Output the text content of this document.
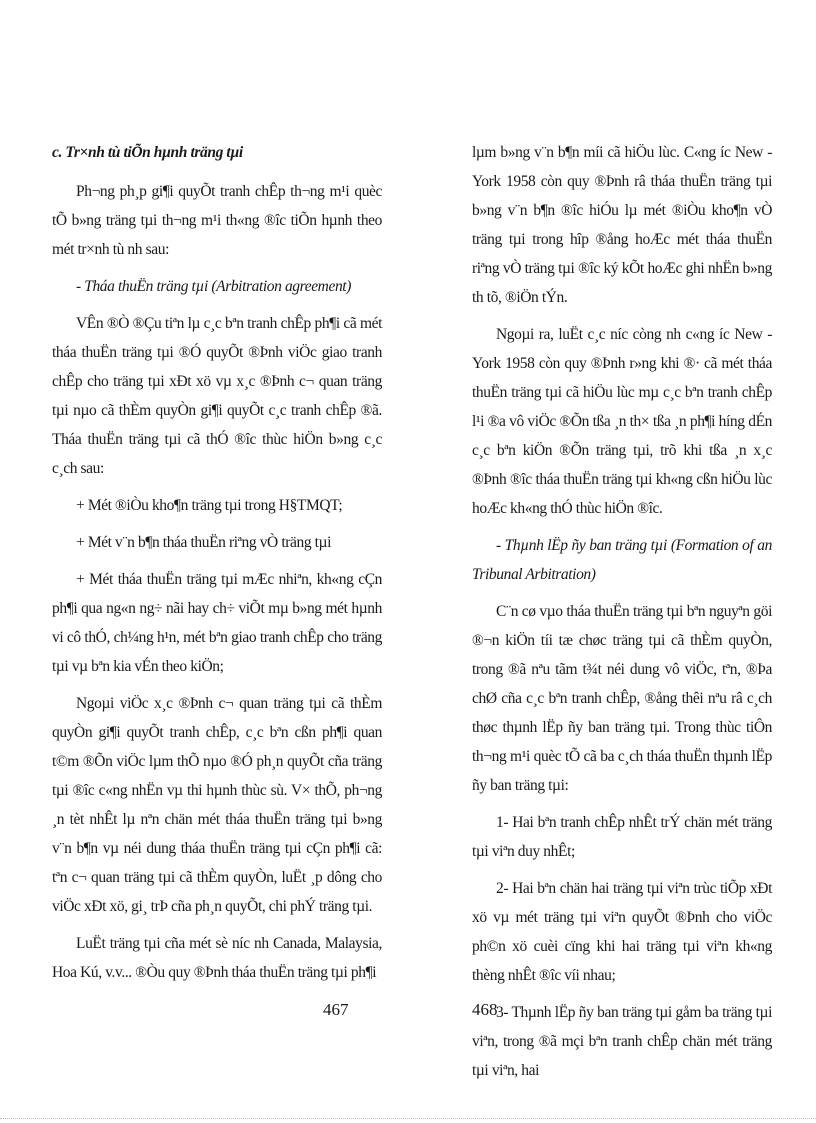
c. Tr×nh tù tiÕn hµnh träng tµi

Ph¬ng ph¸p gi¶i quyÕt tranh chÊp th¬ng m¹i quèc tÕ b»ng träng tµi th¬ng m¹i th«ng ®îc tiÕn hµnh theo mét tr×nh tù nh sau:

- Tháa thuËn träng tµi (Arbitration agreement)

VÊn ®Ò ®Çu tiªn lµ c¸c bªn tranh chÊp ph¶i cã mét tháa thuËn träng tµi ®Ó quyÕt ®Þnh viÖc giao tranh chÊp cho träng tµi xÐt xö vµ x¸c ®Þnh c¬ quan träng tµi nµo cã thÈm quyÒn gi¶i quyÕt c¸c tranh chÊp ®ã. Tháa thuËn träng tµi cã thÓ ®îc thùc hiÖn b»ng c¸c c¸ch sau:

+ Mét ®iÒu kho¶n träng tµi trong H§TMQT;

+ Mét v¨n b¶n tháa thuËn riªng vÒ träng tµi

+ Mét tháa thuËn träng tµi mÆc nhiªn, kh«ng cÇn ph¶i qua ng«n ng÷ nãi hay ch÷ viÕt mµ b»ng mét hµnh vi cô thÓ, ch¼ng h¹n, mét bªn giao tranh chÊp cho träng tµi vµ bªn kia vÉn theo kiÖn;

Ngoµi viÖc x¸c ®Þnh c¬ quan träng tµi cã thÈm quyÒn gi¶i quyÕt tranh chÊp, c¸c bªn cßn ph¶i quan t©m ®Õn viÖc lµm thÕ nµo ®Ó ph¸n quyÕt cña träng tµi ®îc c«ng nhËn vµ thi hµnh thùc sù. V× thÕ, ph¬ng ¸n tèt nhÊt lµ nªn chän mét tháa thuËn träng tµi b»ng v¨n b¶n vµ néi dung tháa thuËn träng tµi cÇn ph¶i cã: tªn c¬ quan träng tµi cã thÈm quyÒn, luËt ¸p dông cho viÖc xÐt xö, gi¸ trÞ cña ph¸n quyÕt, chi phÝ träng tµi.

LuËt träng tµi cña mét sè níc nh Canada, Malaysia, Hoa Kú, v.v... ®Òu quy ®Þnh tháa thuËn träng tµi ph¶i

lµm b»ng v¨n b¶n míi cã hiÖu lùc. C«ng íc New - York 1958 còn quy ®Þnh râ tháa thuËn träng tµi b»ng v¨n b¶n ®îc hiÓu lµ mét ®iÒu kho¶n vÒ träng tµi trong hîp ®ång hoÆc mét tháa thuËn riªng vÒ träng tµi ®îc ký kÕt hoÆc ghi nhËn b»ng th tõ, ®iÖn tÝn.

Ngoµi ra, luËt c¸c níc còng nh c«ng íc New - York 1958 còn quy ®Þnh r»ng khi ®· cã mét tháa thuËn träng tµi cã hiÖu lùc mµ c¸c bªn tranh chÊp l¹i ®a vô viÖc ®Õn tßa ¸n th× tßa ¸n ph¶i híng dÉn c¸c bªn kiÖn ®Õn träng tµi, trõ khi tßa ¸n x¸c ®Þnh ®îc tháa thuËn träng tµi kh«ng cßn hiÖu lùc hoÆc kh«ng thÓ thùc hiÖn ®îc.

- Thµnh lËp ñy ban träng tµi (Formation of an Tribunal Arbitration)

C¨n cø vµo tháa thuËn träng tµi bªn nguyªn göi ®¬n kiÖn tíi tæ chøc träng tµi cã thÈm quyÒn, trong ®ã nªu tãm t¾t néi dung vô viÖc, tªn, ®Þa chØ cña c¸c bªn tranh chÊp, ®ång thêi nªu râ c¸ch thøc thµnh lËp ñy ban träng tµi. Trong thùc tiÔn th¬ng m¹i quèc tÕ cã ba c¸ch tháa thuËn thµnh lËp ñy ban träng tµi:

1- Hai bªn tranh chÊp nhÊt trÝ chän mét träng tµi viªn duy nhÊt;

2- Hai bªn chän hai träng tµi viªn trùc tiÕp xÐt xö vµ mét träng tµi viªn quyÕt ®Þnh cho viÖc ph©n xö cuèi cïng khi hai träng tµi viªn kh«ng thèng nhÊt ®îc víi nhau;

3- Thµnh lËp ñy ban träng tµi gåm ba träng tµi viªn, trong ®ã mçi bªn tranh chÊp chän mét träng tµi viªn, hai

467	468
